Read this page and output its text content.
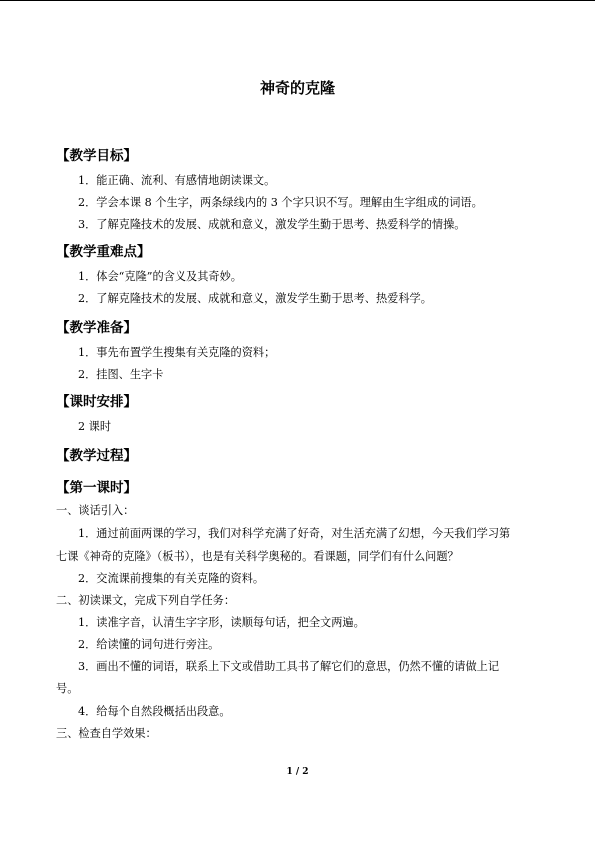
神奇的克隆
【教学目标】
1．能正确、流利、有感情地朗读课文。
2．学会本课 8 个生字，两条绿线内的 3 个字只识不写。理解由生字组成的词语。
3．了解克隆技术的发展、成就和意义，激发学生勤于思考、热爱科学的情操。
【教学重难点】
1．体会“克隆”的含义及其奇妙。
2．了解克隆技术的发展、成就和意义，激发学生勤于思考、热爱科学。
【教学准备】
1．事先布置学生搜集有关克隆的资料；
2．挂图、生字卡
【课时安排】
2 课时
【教学过程】
【第一课时】
一、谈话引入：
1．通过前面两课的学习，我们对科学充满了好奇，对生活充满了幻想，今天我们学习第
七课《神奇的克隆》（板书），也是有关科学奥秘的。看课题，同学们有什么问题？
2．交流课前搜集的有关克隆的资料。
二、初读课文，完成下列自学任务：
1．读准字音，认清生字字形，读顺每句话，把全文两遍。
2．给读懂的词句进行旁注。
3．画出不懂的词语，联系上下文或借助工具书了解它们的意思，仍然不懂的请做上记
号。
4．给每个自然段概括出段意。
三、检查自学效果：
1 / 2
